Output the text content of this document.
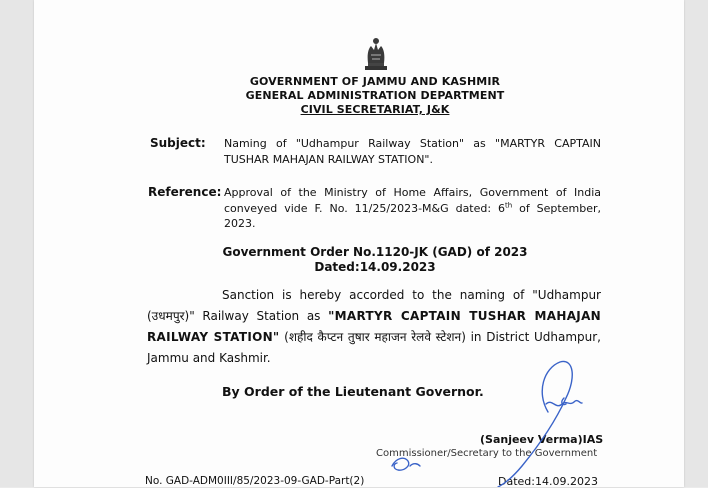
GOVERNMENT OF JAMMU AND KASHMIR
GENERAL ADMINISTRATION DEPARTMENT
CIVIL SECRETARIAT, J&K
Subject: Naming of "Udhampur Railway Station" as "MARTYR CAPTAIN TUSHAR MAHAJAN RAILWAY STATION".
Reference: Approval of the Ministry of Home Affairs, Government of India conveyed vide F. No. 11/25/2023-M&G dated: 6th of September, 2023.
Government Order No.1120-JK (GAD) of 2023
Dated:14.09.2023
Sanction is hereby accorded to the naming of "Udhampur (उधमपुर)" Railway Station as "MARTYR CAPTAIN TUSHAR MAHAJAN RAILWAY STATION" (शहीद कैप्टन तुषार महाजन रेलवे स्टेशन) in District Udhampur, Jammu and Kashmir.
By Order of the Lieutenant Governor.
(Sanjeev Verma)IAS
Commissioner/Secretary to the Government
No. GAD-ADM0III/85/2023-09-GAD-Part(2)	Dated:14.09.2023
